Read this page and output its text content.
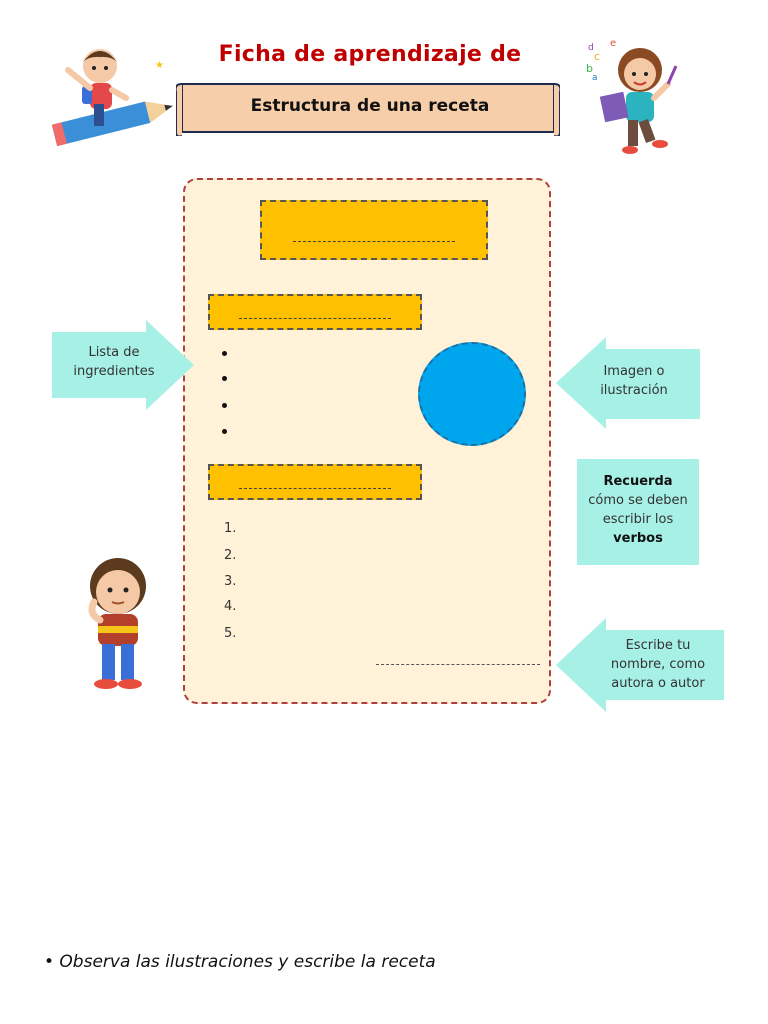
Ficha de aprendizaje de
Estructura de una receta
★	b
c
d e
a
1.
2.
3.
4.
5.
Lista de
ingredientes	Imagen o
ilustración
Recuerda
cómo se deben
escribir los
verbos
Escribe tu
nombre, como
autora o autor
• Observa las ilustraciones y escribe la receta
